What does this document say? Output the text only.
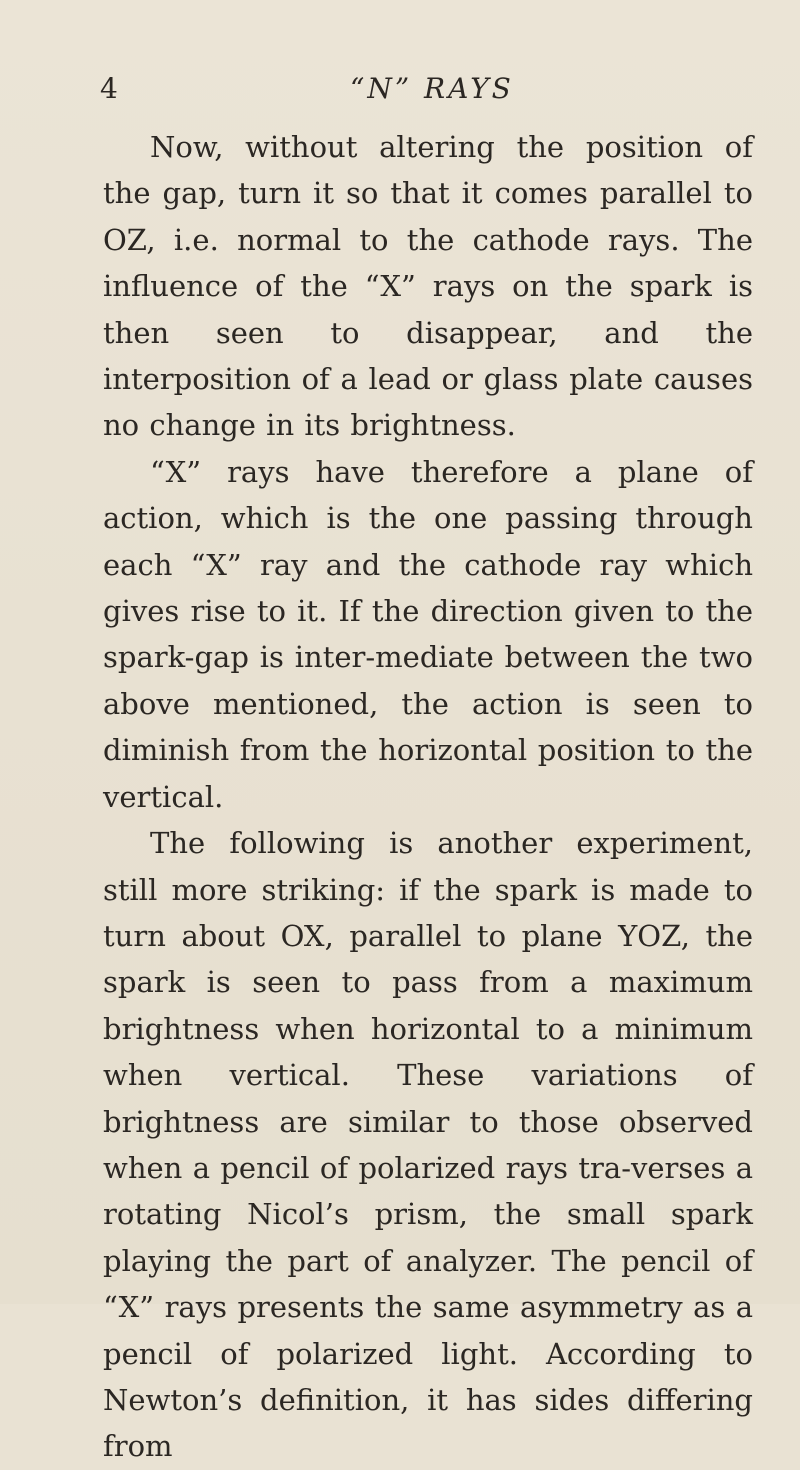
4	“N” RAYS

Now, without altering the position of the gap, turn it so that it comes parallel to OZ, i.e. normal to the cathode rays. The influence of the “X” rays on the spark is then seen to disappear, and the interposition of a lead or glass plate causes no change in its brightness.

“X” rays have therefore a plane of action, which is the one passing through each “X” ray and the cathode ray which gives rise to it. If the direction given to the spark-gap is inter-mediate between the two above mentioned, the action is seen to diminish from the horizontal position to the vertical.

The following is another experiment, still more striking: if the spark is made to turn about OX, parallel to plane YOZ, the spark is seen to pass from a maximum brightness when horizontal to a minimum when vertical. These variations of brightness are similar to those observed when a pencil of polarized rays tra-verses a rotating Nicol’s prism, the small spark playing the part of analyzer. The pencil of “X” rays presents the same asymmetry as a pencil of polarized light. According to Newton’s definition, it has sides differing from
